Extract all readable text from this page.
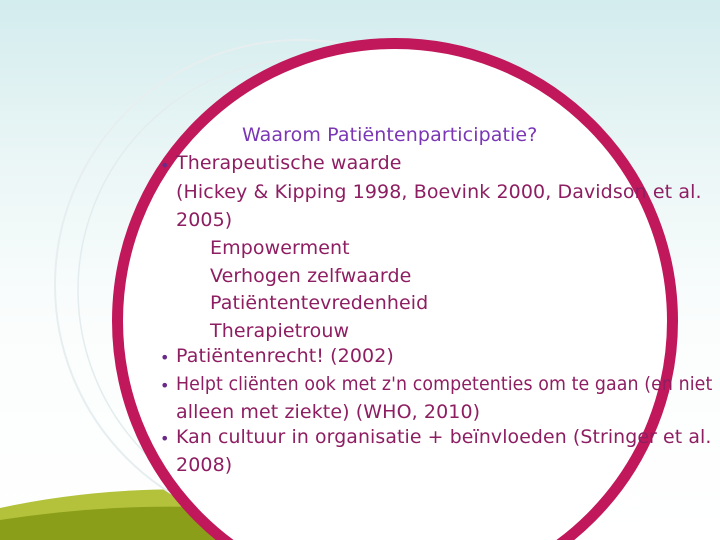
Waarom Patiëntenparticipatie?
• Therapeutische waarde
(Hickey & Kipping 1998, Boevink 2000, Davidson et al.
2005)
Empowerment
Verhogen zelfwaarde
Patiëntentevredenheid
Therapietrouw
• Patiëntenrecht! (2002)
• Helpt cliënten ook met z'n competenties om te gaan (en niet
alleen met ziekte) (WHO, 2010)
• Kan cultuur in organisatie + beïnvloeden (Stringer et al.
2008)
